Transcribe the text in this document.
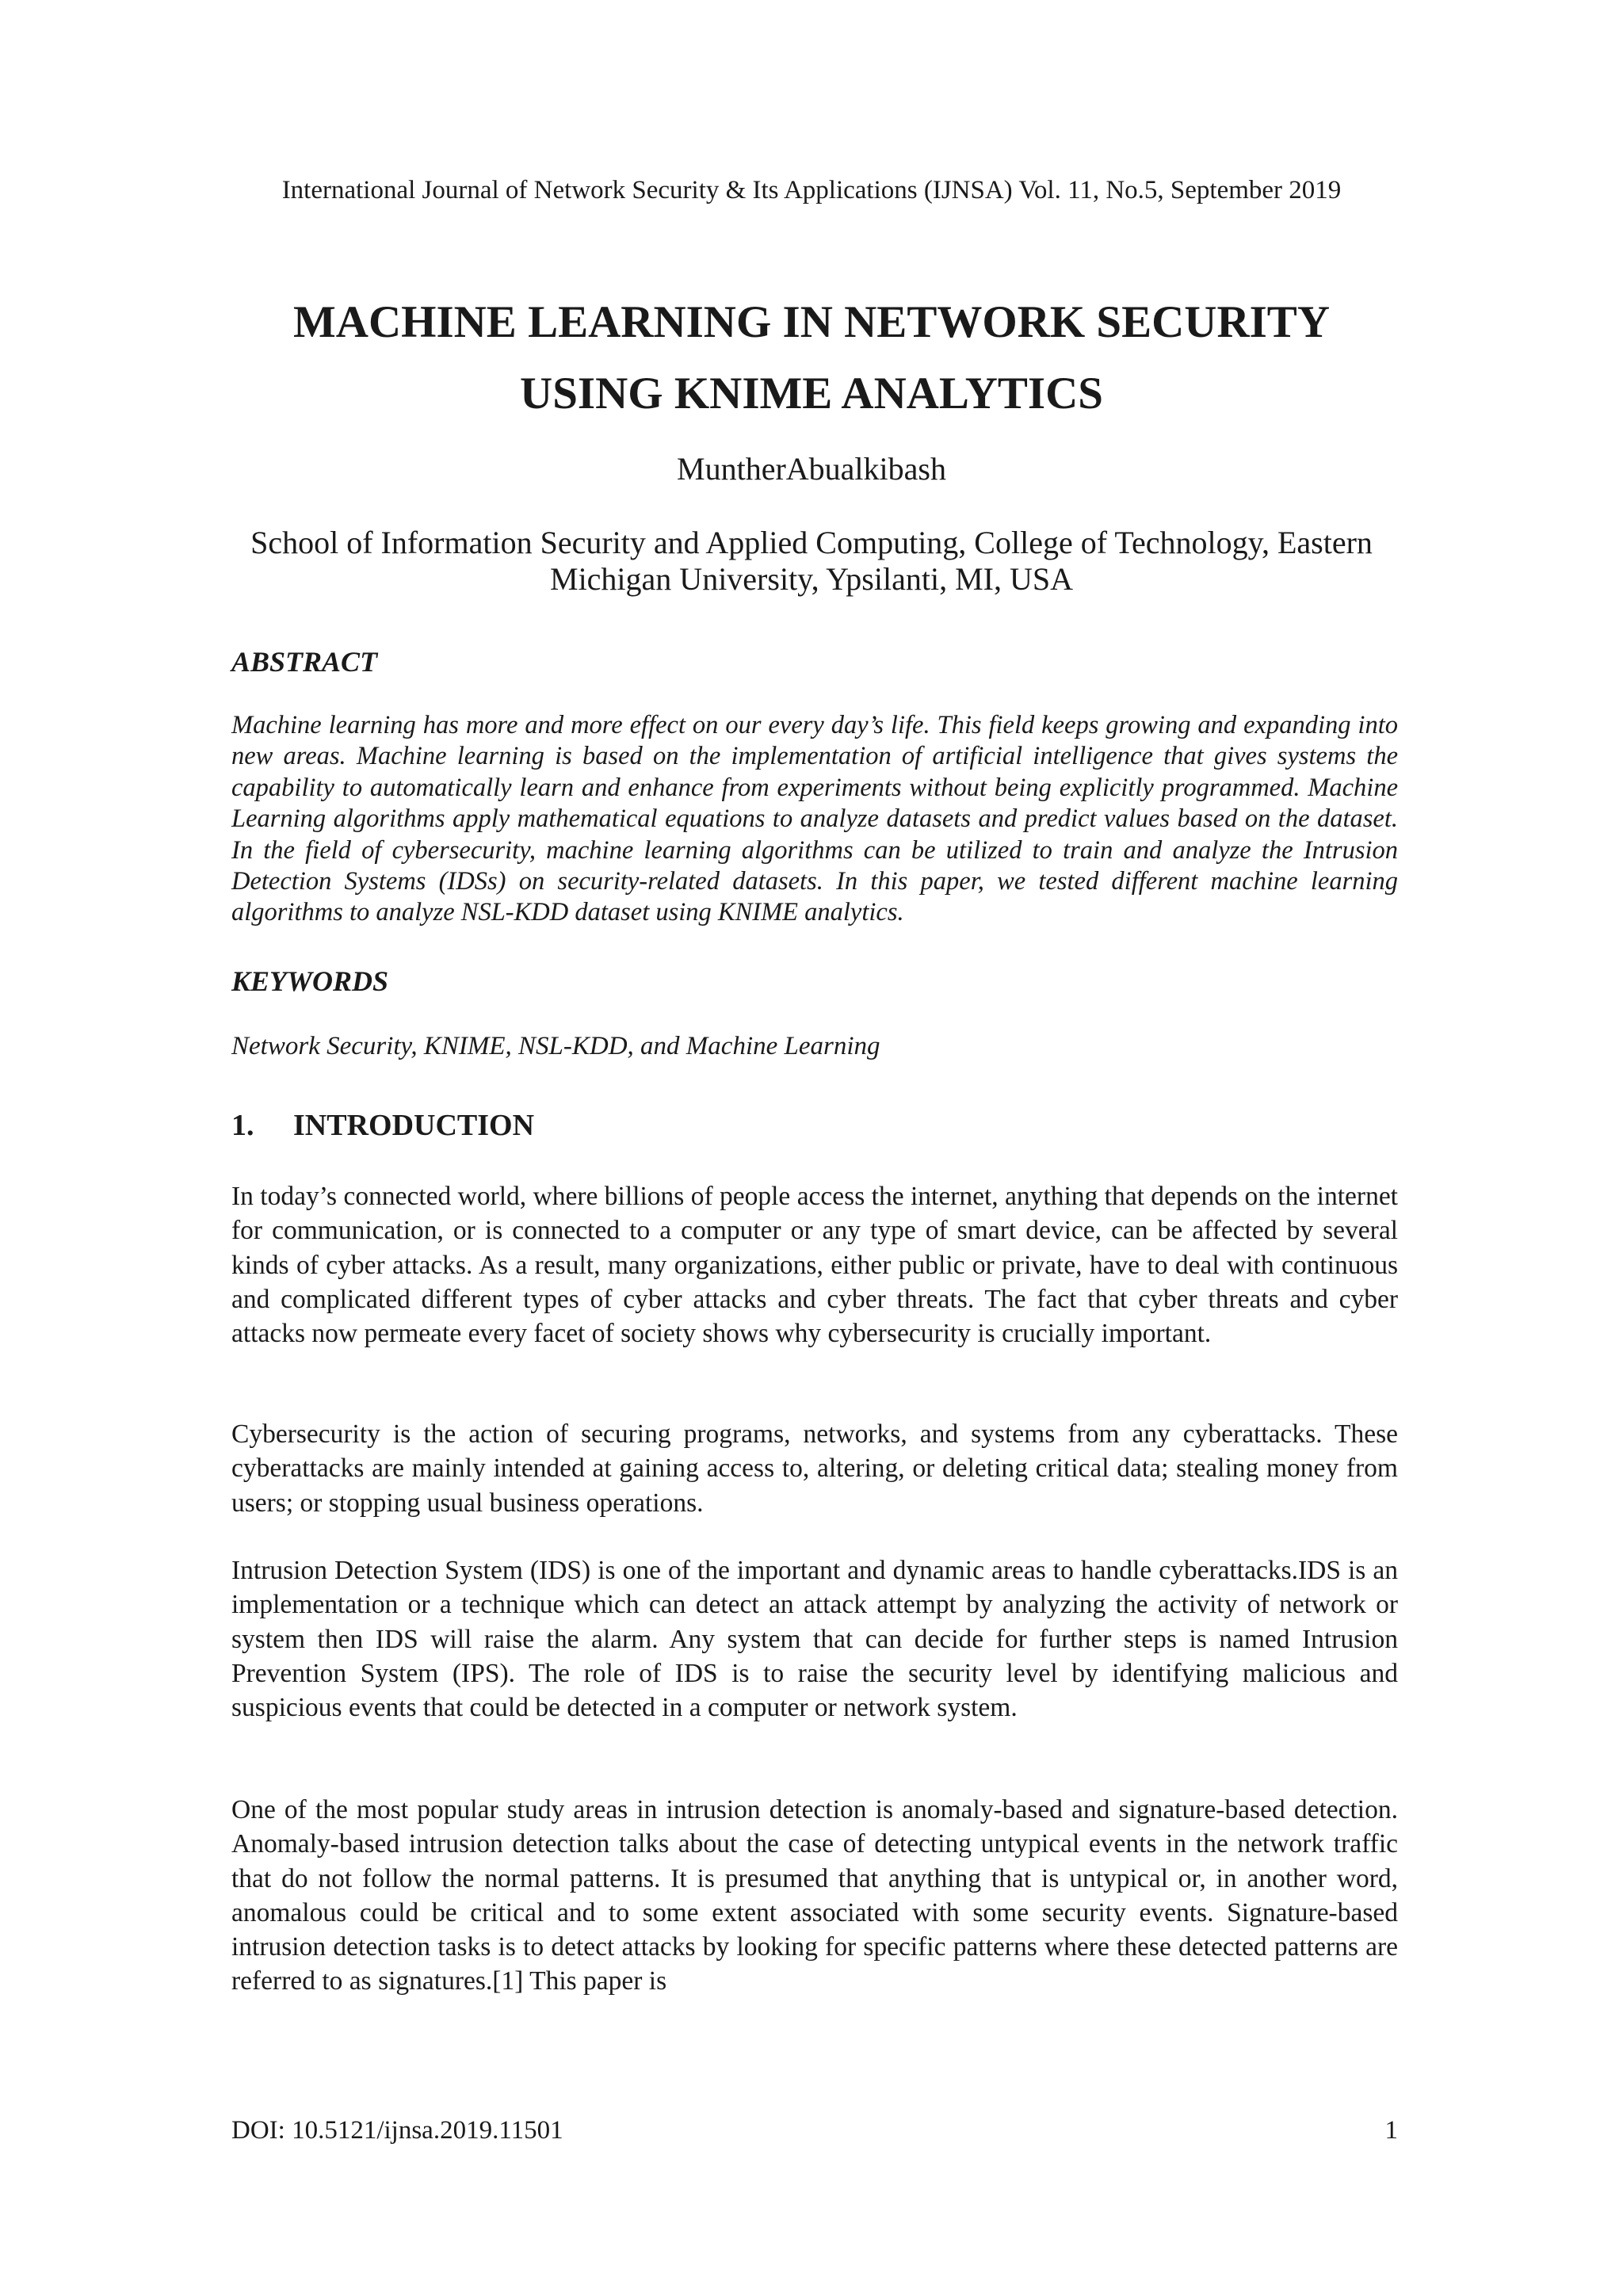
International Journal of Network Security & Its Applications (IJNSA) Vol. 11, No.5, September 2019
MACHINE LEARNING IN NETWORK SECURITY
USING KNIME ANALYTICS
MuntherAbualkibash
School of Information Security and Applied Computing, College of Technology, Eastern Michigan University, Ypsilanti, MI, USA
ABSTRACT

Machine learning has more and more effect on our every day’s life. This field keeps growing and expanding into new areas. Machine learning is based on the implementation of artificial intelligence that gives systems the capability to automatically learn and enhance from experiments without being explicitly programmed. Machine Learning algorithms apply mathematical equations to analyze datasets and predict values based on the dataset. In the field of cybersecurity, machine learning algorithms can be utilized to train and analyze the Intrusion Detection Systems (IDSs) on security-related datasets. In this paper, we tested different machine learning algorithms to analyze NSL-KDD dataset using KNIME analytics.

KEYWORDS

Network Security, KNIME, NSL-KDD, and Machine Learning

1. INTRODUCTION

In today’s connected world, where billions of people access the internet, anything that depends on the internet for communication, or is connected to a computer or any type of smart device, can be affected by several kinds of cyber attacks. As a result, many organizations, either public or private, have to deal with continuous and complicated different types of cyber attacks and cyber threats. The fact that cyber threats and cyber attacks now permeate every facet of society shows why cybersecurity is crucially important.

Cybersecurity is the action of securing programs, networks, and systems from any cyberattacks. These cyberattacks are mainly intended at gaining access to, altering, or deleting critical data; stealing money from users; or stopping usual business operations.

Intrusion Detection System (IDS) is one of the important and dynamic areas to handle cyberattacks.IDS is an implementation or a technique which can detect an attack attempt by analyzing the activity of network or system then IDS will raise the alarm. Any system that can decide for further steps is named Intrusion Prevention System (IPS). The role of IDS is to raise the security level by identifying malicious and suspicious events that could be detected in a computer or network system.

One of the most popular study areas in intrusion detection is anomaly-based and signature-based detection. Anomaly-based intrusion detection talks about the case of detecting untypical events in the network traffic that do not follow the normal patterns. It is presumed that anything that is untypical or, in another word, anomalous could be critical and to some extent associated with some security events. Signature-based intrusion detection tasks is to detect attacks by looking for specific patterns where these detected patterns are referred to as signatures.[1] This paper is

DOI: 10.5121/ijnsa.2019.11501	1
